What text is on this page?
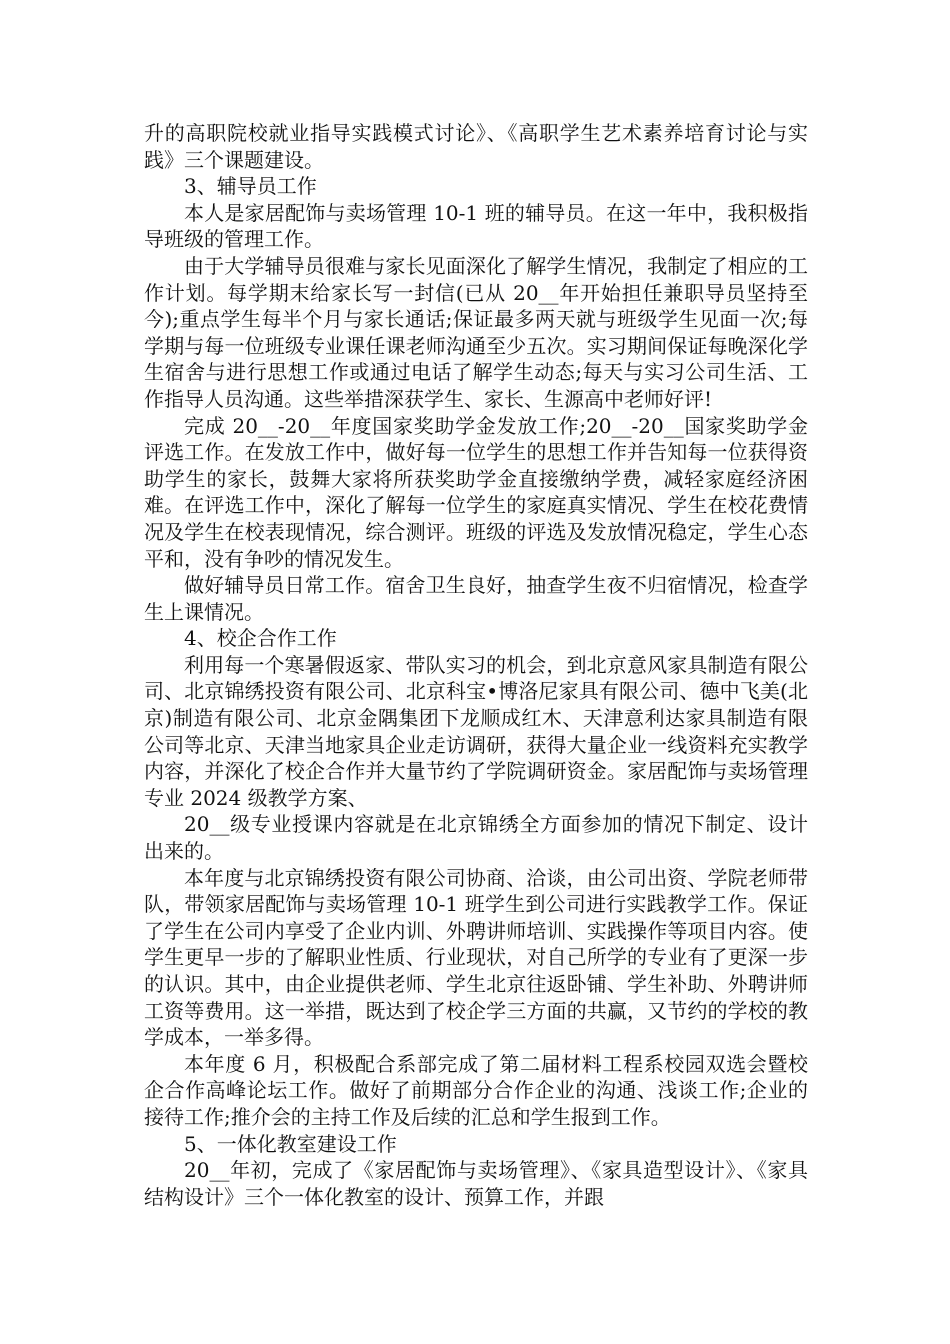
升的高职院校就业指导实践模式讨论》、《高职学生艺术素养培育讨论与实践》三个课题建设。

3、辅导员工作

本人是家居配饰与卖场管理 10-1 班的辅导员。在这一年中，我积极指导班级的管理工作。

由于大学辅导员很难与家长见面深化了解学生情况，我制定了相应的工作计划。每学期末给家长写一封信(已从 20__年开始担任兼职导员坚持至今);重点学生每半个月与家长通话;保证最多两天就与班级学生见面一次;每学期与每一位班级专业课任课老师沟通至少五次。实习期间保证每晚深化学生宿舍与进行思想工作或通过电话了解学生动态;每天与实习公司生活、工作指导人员沟通。这些举措深获学生、家长、生源高中老师好评!

完成 20__-20__年度国家奖助学金发放工作;20__-20__国家奖助学金评选工作。在发放工作中，做好每一位学生的思想工作并告知每一位获得资助学生的家长，鼓舞大家将所获奖助学金直接缴纳学费，减轻家庭经济困难。在评选工作中，深化了解每一位学生的家庭真实情况、学生在校花费情况及学生在校表现情况，综合测评。班级的评选及发放情况稳定，学生心态平和，没有争吵的情况发生。

做好辅导员日常工作。宿舍卫生良好，抽查学生夜不归宿情况，检查学生上课情况。

4、校企合作工作

利用每一个寒暑假返家、带队实习的机会，到北京意风家具制造有限公司、北京锦绣投资有限公司、北京科宝•博洛尼家具有限公司、德中飞美(北京)制造有限公司、北京金隅集团下龙顺成红木、天津意利达家具制造有限公司等北京、天津当地家具企业走访调研，获得大量企业一线资料充实教学内容，并深化了校企合作并大量节约了学院调研资金。家居配饰与卖场管理专业 2024 级教学方案、

20__级专业授课内容就是在北京锦绣全方面参加的情况下制定、设计出来的。

本年度与北京锦绣投资有限公司协商、洽谈，由公司出资、学院老师带队，带领家居配饰与卖场管理 10-1 班学生到公司进行实践教学工作。保证了学生在公司内享受了企业内训、外聘讲师培训、实践操作等项目内容。使学生更早一步的了解职业性质、行业现状，对自己所学的专业有了更深一步的认识。其中，由企业提供老师、学生北京往返卧铺、学生补助、外聘讲师工资等费用。这一举措，既达到了校企学三方面的共赢，又节约的学校的教学成本，一举多得。

本年度 6 月，积极配合系部完成了第二届材料工程系校园双选会暨校企合作高峰论坛工作。做好了前期部分合作企业的沟通、浅谈工作;企业的接待工作;推介会的主持工作及后续的汇总和学生报到工作。

5、一体化教室建设工作

20__年初，完成了《家居配饰与卖场管理》、《家具造型设计》、《家具结构设计》三个一体化教室的设计、预算工作，并跟
